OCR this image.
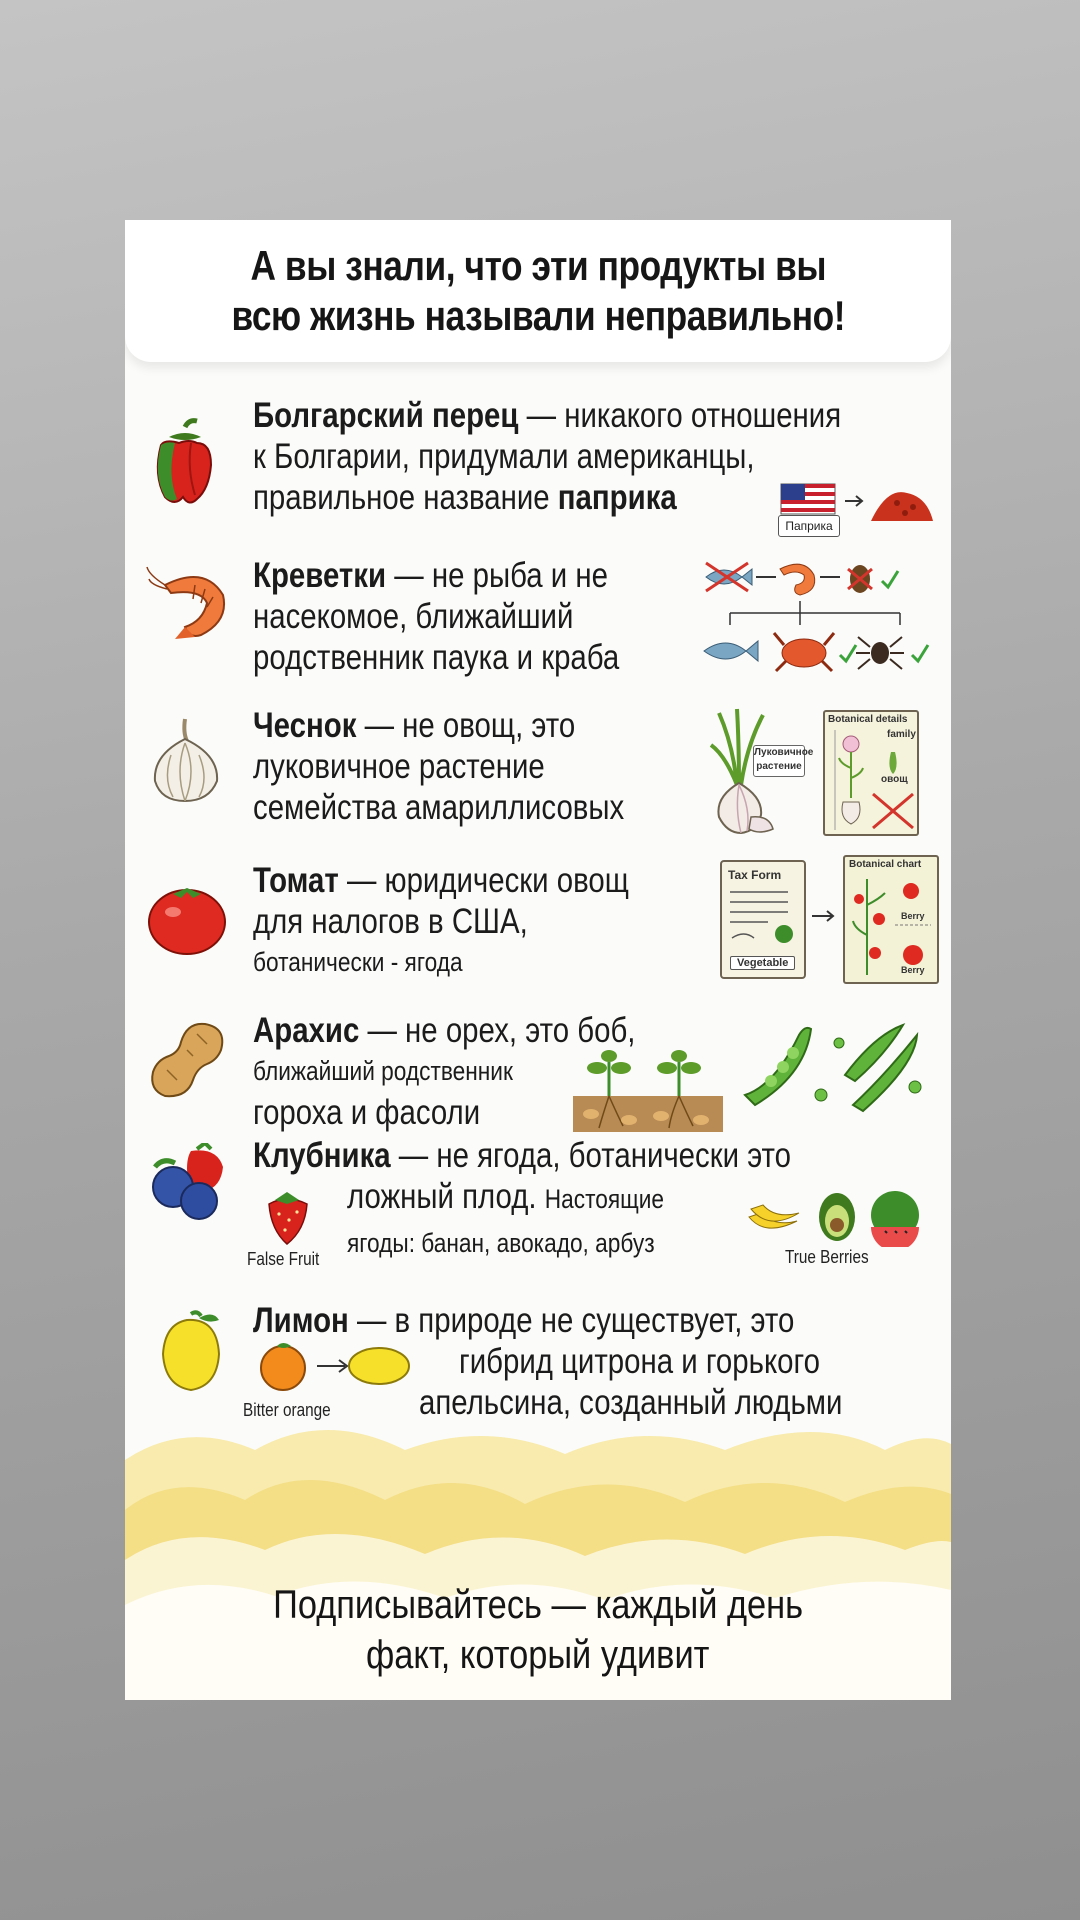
А вы знали, что эти продукты вы
всю жизнь называли неправильно!
Болгарский перец — никакого отношения
к Болгарии, придумали американцы,
правильное название паприка
Паприка
Креветки — не рыба и не
насекомое, ближайший
родственник паука и краба
Чеснок — не овощ, это
луковичное растение
семейства амариллисовых
Луковичное
растение
Botanical details
family
овощ
Томат — юридически овощ
для налогов в США,
ботанически - ягода
Tax Form
Vegetable
Botanical chart
Berry
Berry
Арахис — не орех, это боб,
ближайший родственник
гороха и фасоли
Клубника — не ягода, ботанически это
ложный плод. Настоящие
ягоды: банан, авокадо, арбуз
False Fruit	True Berries
Лимон — в природе не существует, это
гибрид цитрона и горького
апельсина, созданный людьми
Bitter orange
Подписывайтесь — каждый день
факт, который удивит
